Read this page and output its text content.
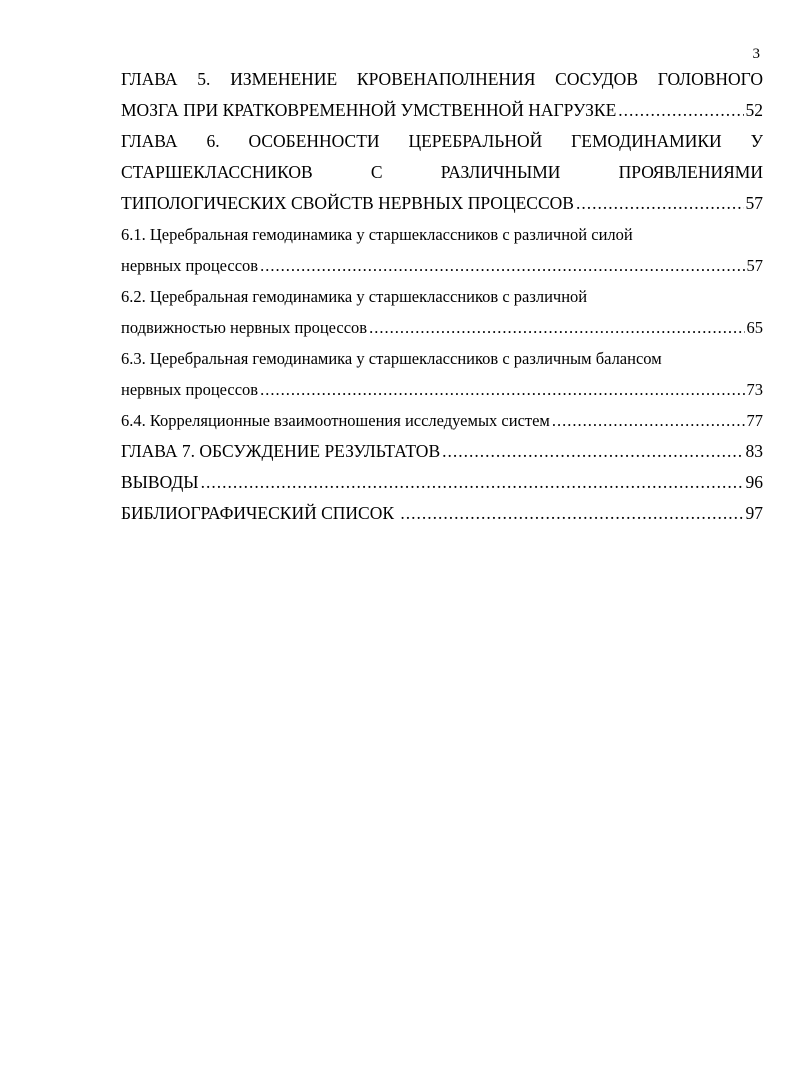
3
ГЛАВА 5. ИЗМЕНЕНИЕ КРОВЕНАПОЛНЕНИЯ СОСУДОВ ГОЛОВНОГО
МОЗГА ПРИ КРАТКОВРЕМЕННОЙ УМСТВЕННОЙ НАГРУЗКЕ .....	52
ГЛАВА 6. ОСОБЕННОСТИ ЦЕРЕБРАЛЬНОЙ ГЕМОДИНАМИКИ У
СТАРШЕКЛАССНИКОВ С РАЗЛИЧНЫМИ ПРОЯВЛЕНИЯМИ
ТИПОЛОГИЧЕСКИХ СВОЙСТВ НЕРВНЫХ ПРОЦЕССОВ .....	57
6.1. Церебральная гемодинамика у старшеклассников с различной силой
нервных процессов .....	57
6.2. Церебральная гемодинамика у старшеклассников с различной
подвижностью нервных процессов .....	65
6.3. Церебральная гемодинамика у старшеклассников с различным балансом
нервных процессов .....	73
6.4. Корреляционные взаимоотношения исследуемых систем .....	77
ГЛАВА 7. ОБСУЖДЕНИЕ РЕЗУЛЬТАТОВ .....	83
ВЫВОДЫ .....	96
БИБЛИОГРАФИЧЕСКИЙ СПИСОК .....	97
